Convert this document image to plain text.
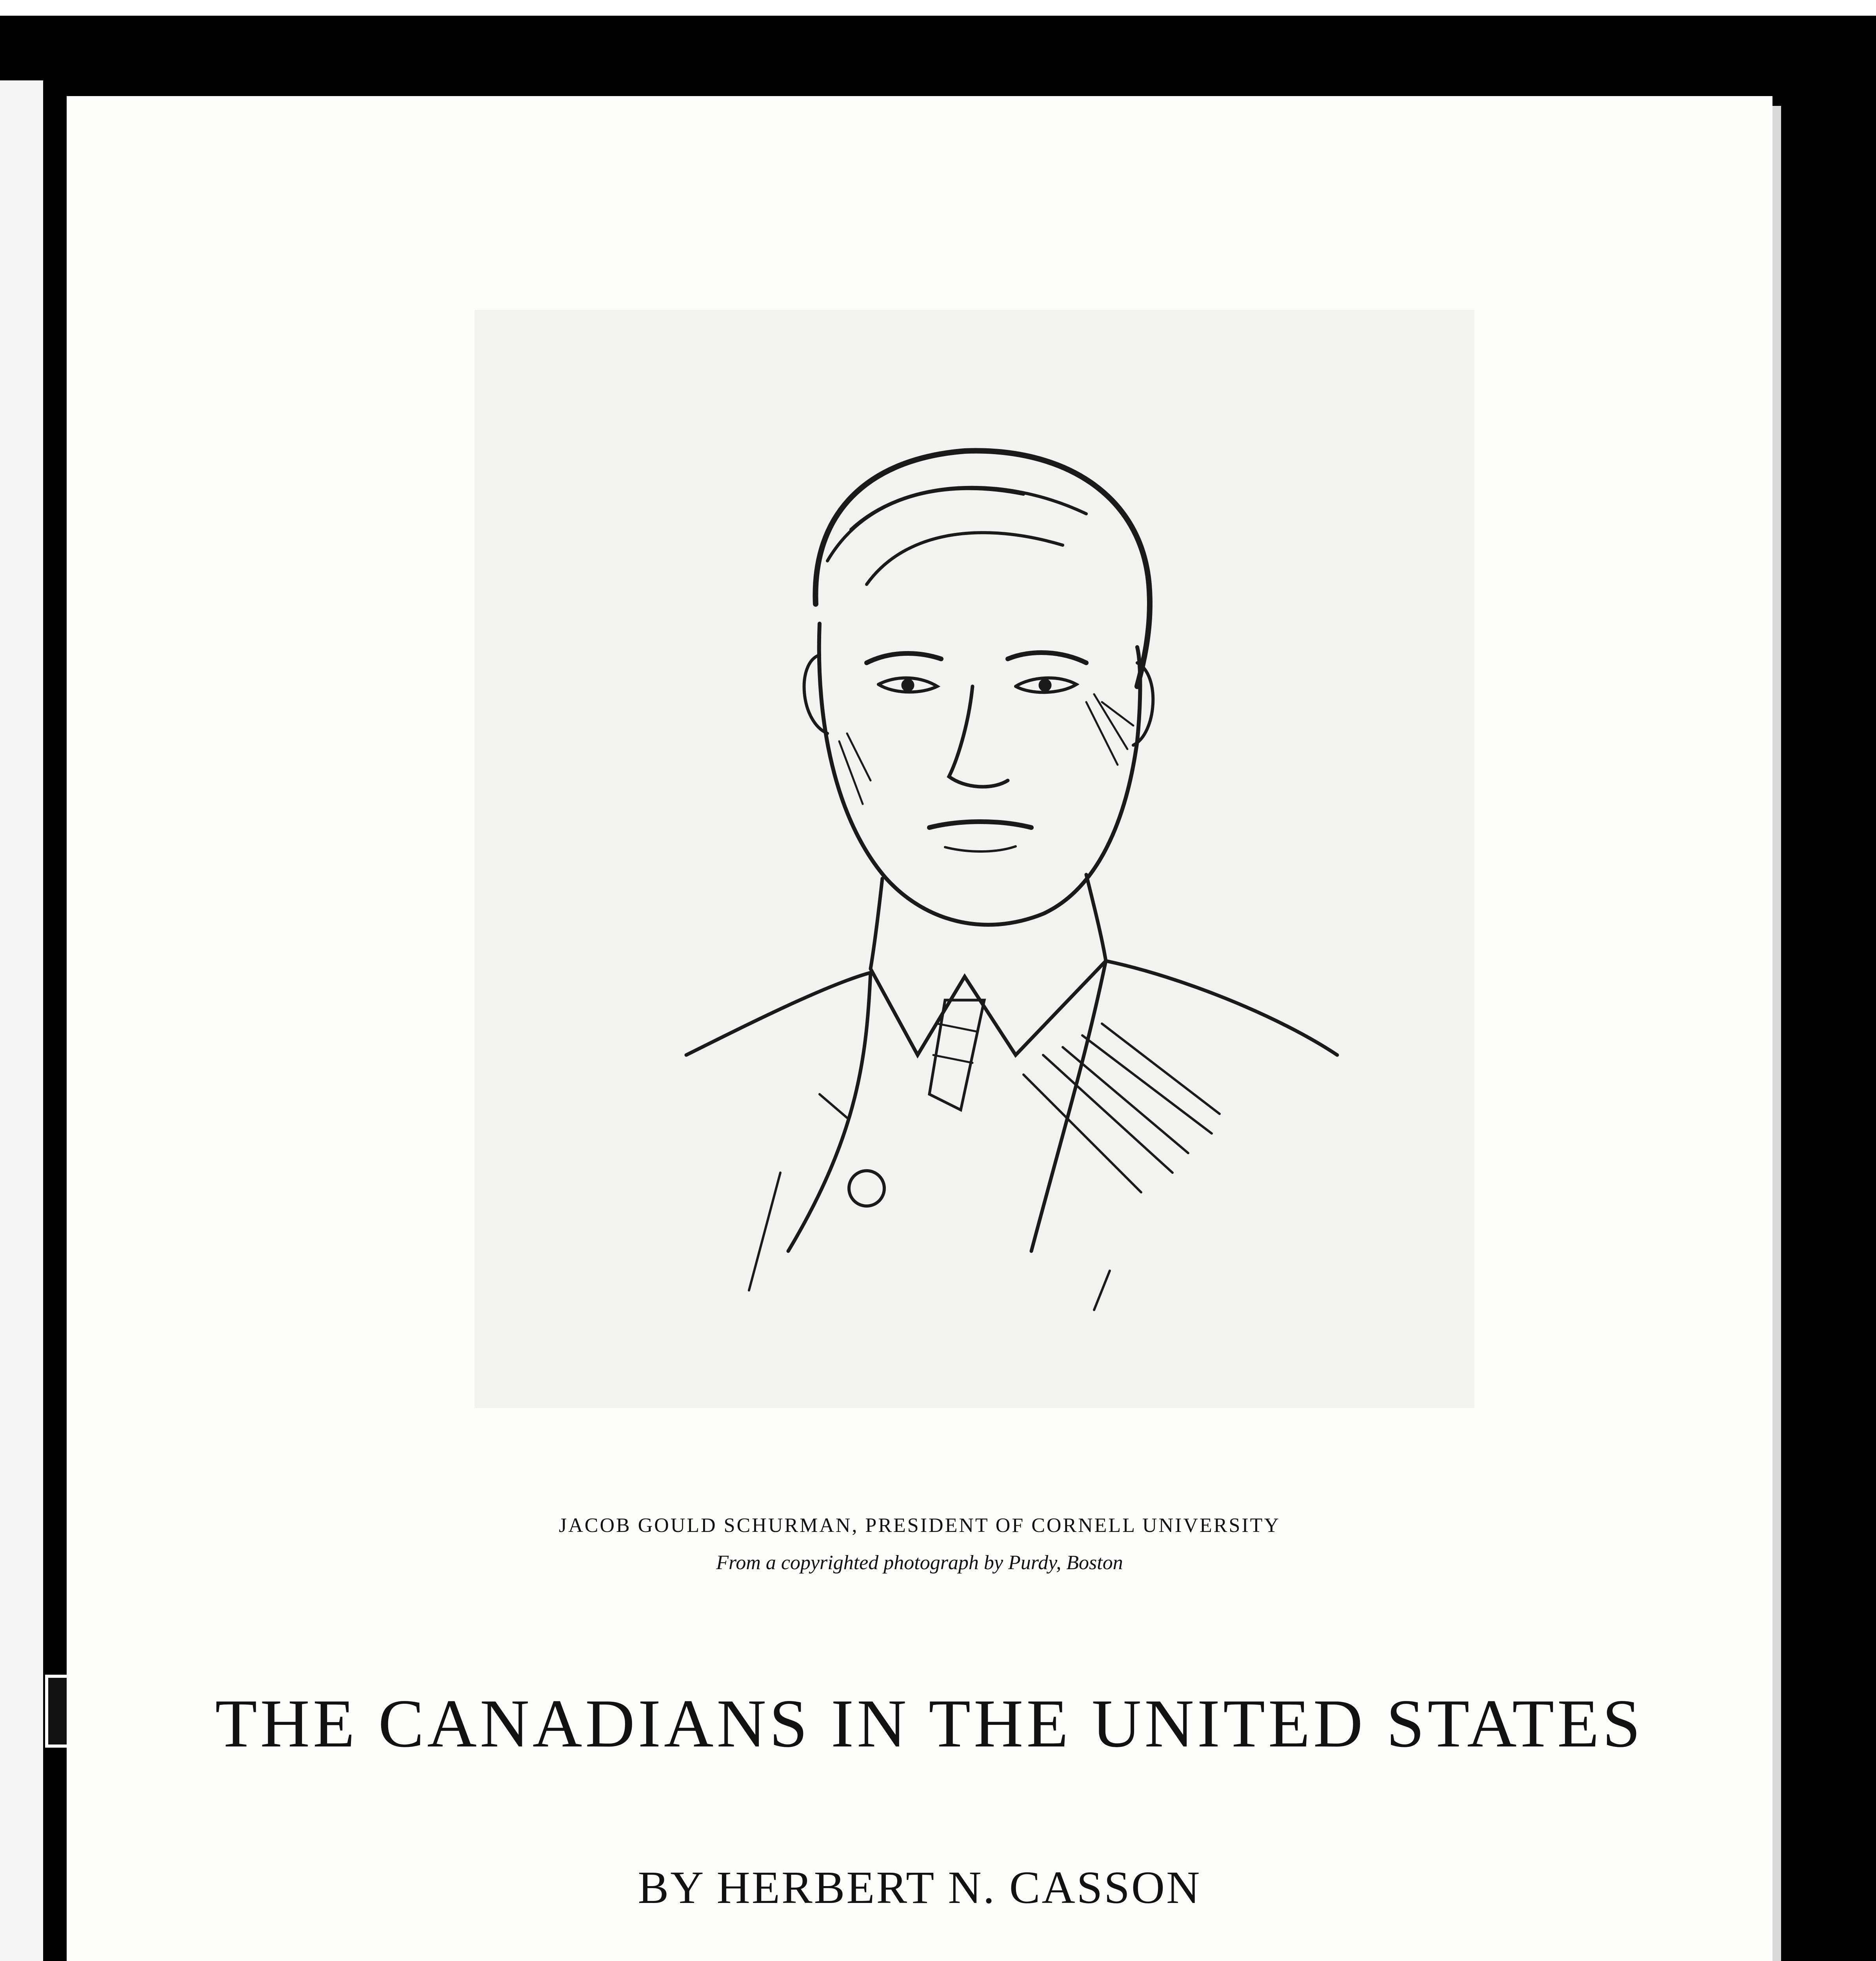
JACOB GOULD SCHURMAN, PRESIDENT OF CORNELL UNIVERSITY
From a copyrighted photograph by Purdy, Boston
THE CANADIANS IN THE UNITED STATES
BY HERBERT N. CASSON
